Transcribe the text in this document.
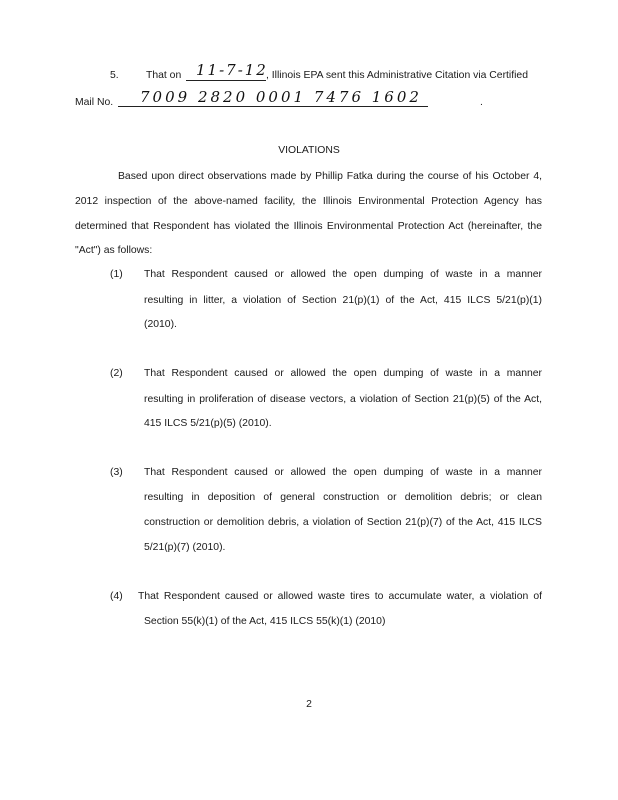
5.	That on 11-7-12
, Illinois EPA sent this Administrative Citation via Certified
Mail No. 7009 2820 0001 7476 1602	.
VIOLATIONS
Based upon direct observations made by Phillip Fatka during the course of his October 4,
2012 inspection of the above-named facility, the Illinois Environmental Protection Agency has
determined that Respondent has violated the Illinois Environmental Protection Act (hereinafter, the
"Act") as follows:
(1) That Respondent caused or allowed the open dumping of waste in a manner
resulting in litter, a violation of Section 21(p)(1) of the Act, 415 ILCS 5/21(p)(1)
(2010).
(2) That Respondent caused or allowed the open dumping of waste in a manner
resulting in proliferation of disease vectors, a violation of Section 21(p)(5) of the Act,
415 ILCS 5/21(p)(5) (2010).
(3) That Respondent caused or allowed the open dumping of waste in a manner
resulting in deposition of general construction or demolition debris; or clean
construction or demolition debris, a violation of Section 21(p)(7) of the Act, 415 ILCS
5/21(p)(7) (2010).
(4) That Respondent caused or allowed waste tires to accumulate water, a violation of
Section 55(k)(1) of the Act, 415 ILCS 55(k)(1) (2010)
2
